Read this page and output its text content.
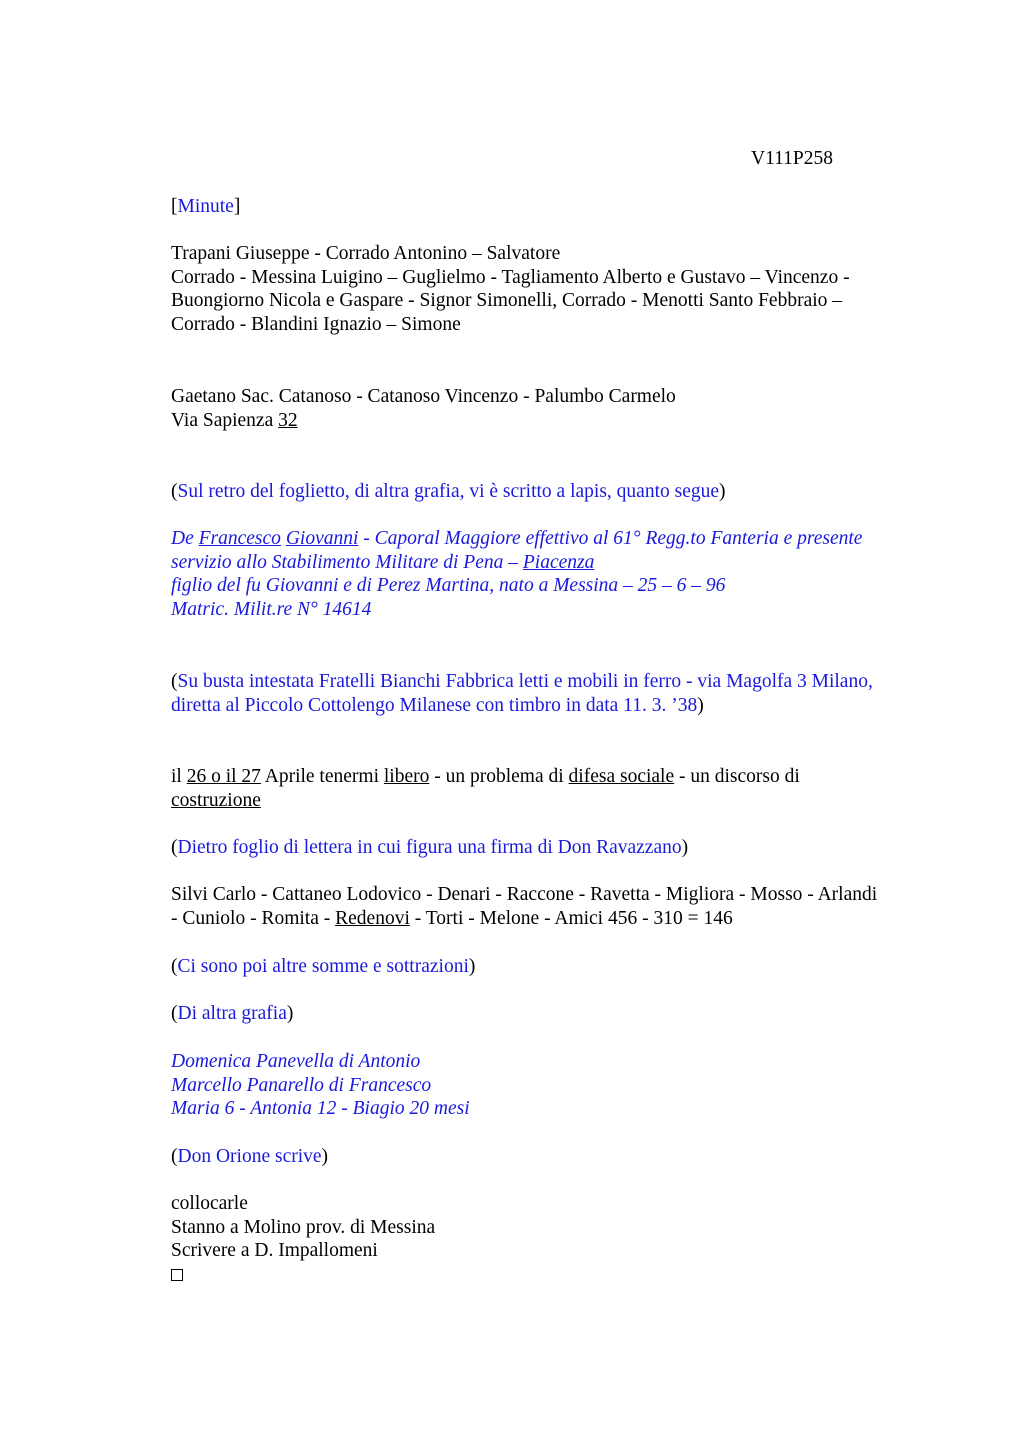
V111P258
[Minute]
Trapani Giuseppe - Corrado Antonino – Salvatore
Corrado - Messina Luigino – Guglielmo - Tagliamento Alberto e Gustavo – Vincenzo -
Buongiorno Nicola e Gaspare - Signor Simonelli, Corrado - Menotti Santo Febbraio –
Corrado - Blandini Ignazio – Simone
Gaetano Sac. Catanoso - Catanoso Vincenzo - Palumbo Carmelo
Via Sapienza 32
(Sul retro del foglietto, di altra grafia, vi è scritto a lapis, quanto segue)
De Francesco Giovanni - Caporal Maggiore effettivo al 61° Regg.to Fanteria e presente
servizio allo Stabilimento Militare di Pena – Piacenza
figlio del fu Giovanni e di Perez Martina, nato a Messina – 25 – 6 – 96
Matric. Milit.re N° 14614
(Su busta intestata Fratelli Bianchi Fabbrica letti e mobili in ferro - via Magolfa 3 Milano,
diretta al Piccolo Cottolengo Milanese con timbro in data 11. 3. ’38)
il 26 o il 27 Aprile tenermi libero - un problema di difesa sociale - un discorso di
costruzione
(Dietro foglio di lettera in cui figura una firma di Don Ravazzano)
Silvi Carlo - Cattaneo Lodovico - Denari - Raccone - Ravetta - Migliora - Mosso - Arlandi
- Cuniolo - Romita - Redenovi - Torti - Melone - Amici 456 - 310 = 146
(Ci sono poi altre somme e sottrazioni)
(Di altra grafia)
Domenica Panevella di Antonio
Marcello Panarello di Francesco
Maria 6 - Antonia 12 - Biagio 20 mesi
(Don Orione scrive)
collocarle
Stanno a Molino prov. di Messina
Scrivere a D. Impallomeni
